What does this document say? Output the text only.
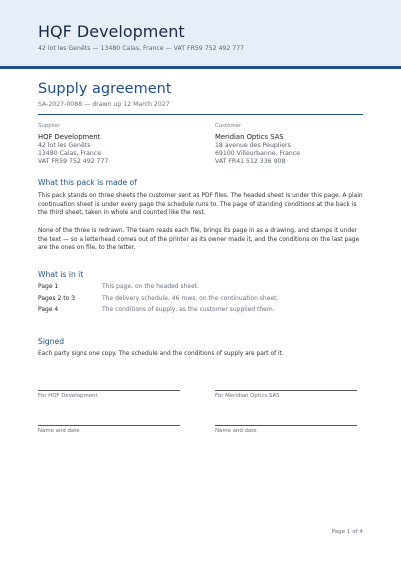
HQF Development
42 lot les Genêts — 13480 Calas, France — VAT FR59 752 492 777
Supply agreement
SA-2027-0088 — drawn up 12 March 2027
Supplier
HQF Development
42 lot les Genêts
13480 Calas, France
VAT FR59 752 492 777
Customer
Meridian Optics SAS
18 avenue des Peupliers
69100 Villeurbanne, France
VAT FR41 512 336 908
What this pack is made of
This pack stands on three sheets the customer sent as PDF files. The headed sheet is under this page. A plain continuation sheet is under every page the schedule runs to. The page of standing conditions at the back is the third sheet, taken in whole and counted like the rest.
None of the three is redrawn. The team reads each file, brings its page in as a drawing, and stamps it under the text — so a letterhead comes out of the printer as its owner made it, and the conditions on the last page are the ones on file, to the letter.
What is in it
Page 1	This page, on the headed sheet.
Pages 2 to 3	The delivery schedule, 46 rows, on the continuation sheet.
Page 4	The conditions of supply, as the customer supplied them.
Signed
Each party signs one copy. The schedule and the conditions of supply are part of it.
For HQF Development	For Meridian Optics SAS
Name and date	Name and date
Page 1 of 4
